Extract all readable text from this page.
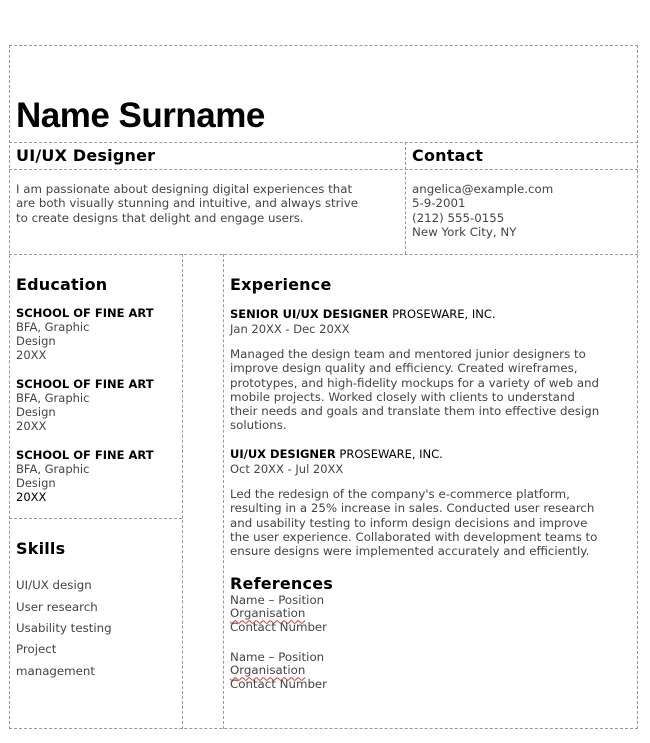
Name Surname
UI/UX Designer	Contact
I am passionate about designing digital experiences that
are both visually stunning and intuitive, and always strive
to create designs that delight and engage users.
angelica@example.com
5-9-2001
(212) 555-0155
New York City, NY
Education
SCHOOL OF FINE ART
BFA, Graphic
Design
20XX
SCHOOL OF FINE ART
BFA, Graphic
Design
20XX
SCHOOL OF FINE ART
BFA, Graphic
Design
20XX
Skills
UI/UX design
User research
Usability testing
Project
management
Experience
SENIOR UI/UX DESIGNER PROSEWARE, INC.
Jan 20XX - Dec 20XX
Managed the design team and mentored junior designers to
improve design quality and efficiency. Created wireframes,
prototypes, and high-fidelity mockups for a variety of web and
mobile projects. Worked closely with clients to understand
their needs and goals and translate them into effective design
solutions.
UI/UX DESIGNER PROSEWARE, INC.
Oct 20XX - Jul 20XX
Led the redesign of the company's e-commerce platform,
resulting in a 25% increase in sales. Conducted user research
and usability testing to inform design decisions and improve
the user experience. Collaborated with development teams to
ensure designs were implemented accurately and efficiently.
References
Name – Position
Organisation
Contact Number
Name – Position
Organisation
Contact Number
